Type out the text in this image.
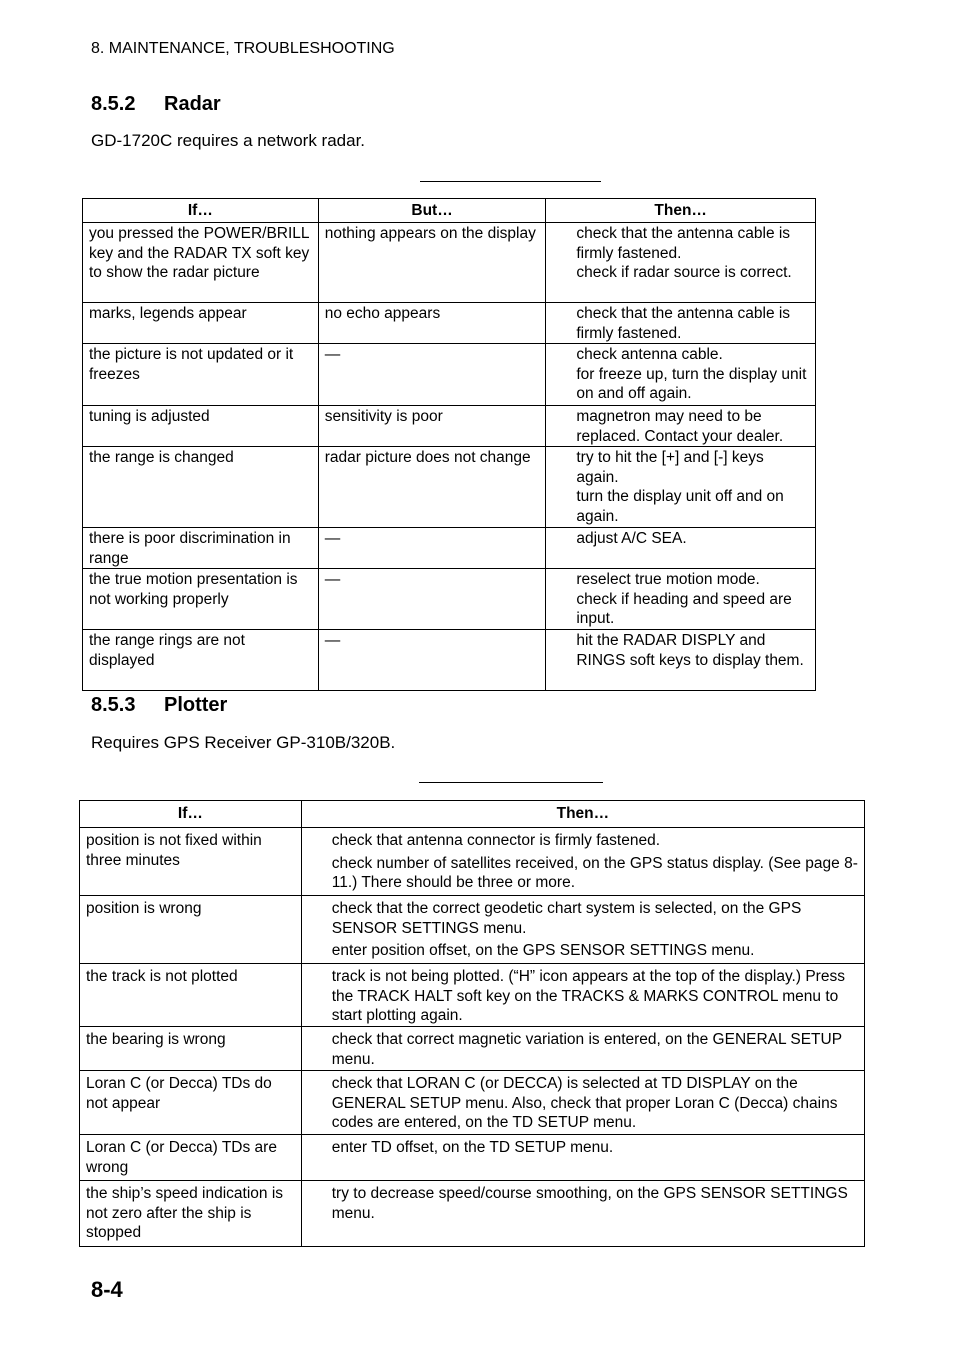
8. MAINTENANCE, TROUBLESHOOTING
8.5.2 Radar
GD-1720C requires a network radar.
If…	But…	Then…
you pressed the POWER/BRILL key and the RADAR TX soft key to show the radar picture	nothing appears on the display	check that the antenna cable is firmly fastened.
check if radar source is correct.

marks, legends appear	no echo appears	check that the antenna cable is firmly fastened.

the picture is not updated or it freezes	—	check antenna cable.
for freeze up, turn the display unit on and off again.

tuning is adjusted	sensitivity is poor	magnetron may need to be replaced. Contact your dealer.

the range is changed	radar picture does not change	try to hit the [+] and [-] keys again.
turn the display unit off and on again.

there is poor discrimination in range	—	adjust A/C SEA.

the true motion presentation is not working properly	—	reselect true motion mode.
check if heading and speed are input.

the range rings are not displayed	—	hit the RADAR DISPLY and RINGS soft keys to display them.
8.5.3 Plotter
Requires GPS Receiver GP-310B/320B.
If…	Then…
position is not fixed within three minutes	check that antenna connector is firmly fastened.
check number of satellites received, on the GPS status display. (See page 8-11.) There should be three or more.

position is wrong	check that the correct geodetic chart system is selected, on the GPS SENSOR SETTINGS menu.
enter position offset, on the GPS SENSOR SETTINGS menu.

the track is not plotted	track is not being plotted. (“H” icon appears at the top of the display.) Press the TRACK HALT soft key on the TRACKS & MARKS CONTROL menu to start plotting again.

the bearing is wrong	check that correct magnetic variation is entered, on the GENERAL SETUP menu.

Loran C (or Decca) TDs do not appear	check that LORAN C (or DECCA) is selected at TD DISPLAY on the GENERAL SETUP menu. Also, check that proper Loran C (Decca) chains codes are entered, on the TD SETUP menu.

Loran C (or Decca) TDs are wrong	enter TD offset, on the TD SETUP menu.

the ship’s speed indication is not zero after the ship is stopped	try to decrease speed/course smoothing, on the GPS SENSOR SETTINGS menu.
8-4
